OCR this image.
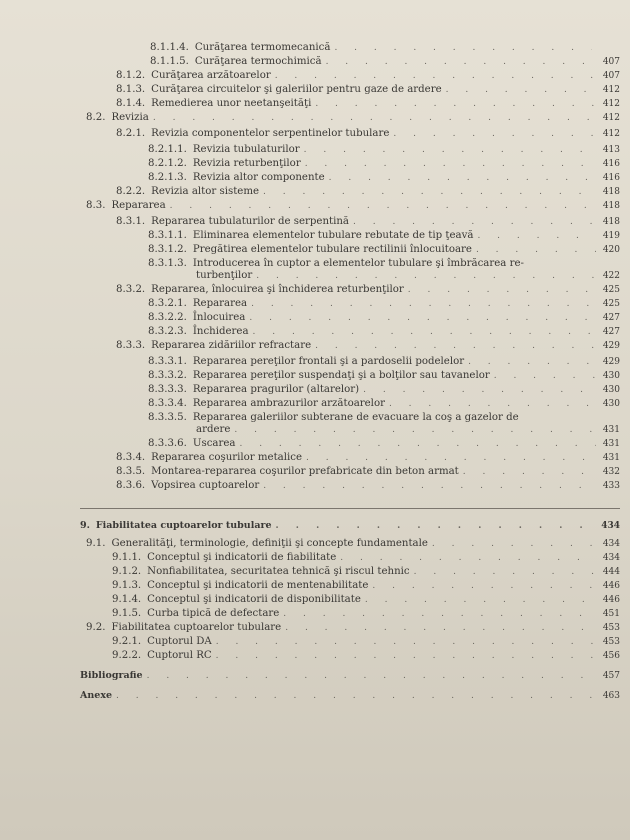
8.1.1.4. Curăţarea termomecanică
. . .
8.1.1.5. Curăţarea termochimică . . .	407
8.1.2. Curăţarea arzătoarelor . . .	407
8.1.3. Curăţarea circuitelor şi galeriilor pentru gaze de ardere . . .	412
8.1.4. Remedierea unor neetanşeităţi . . .	412
8.2. Revizia . . .	412
8.2.1. Revizia componentelor serpentinelor tubulare . . .	412
8.2.1.1. Revizia tubulaturilor . . .	413
8.2.1.2. Revizia returbenţilor . . .	416
8.2.1.3. Revizia altor componente . . .	416
8.2.2. Revizia altor sisteme . . .	418
8.3. Repararea . . .	418
8.3.1. Repararea tubulaturilor de serpentină . . .	418
8.3.1.1. Eliminarea elementelor tubulare rebutate de tip ţeavă . . .	419
8.3.1.2. Pregătirea elementelor tubulare rectilinii înlocuitoare . . .	420
8.3.1.3. Introducerea în cuptor a elementelor tubulare şi îmbrăcarea re-
turbenţilor . . .	422
8.3.2. Repararea, înlocuirea şi închiderea returbenţilor . . .	425
8.3.2.1. Repararea . . .	425
8.3.2.2. Înlocuirea . . .	427
8.3.2.3. Închiderea . . .	427
8.3.3. Repararea zidăriilor refractare . . .	429
8.3.3.1. Repararea pereţilor frontali şi a pardoselii podelelor . . .	429
8.3.3.2. Repararea pereţilor suspendaţi şi a bolţilor sau tavanelor . . .	430
8.3.3.3. Repararea pragurilor (altarelor) . . .	430
8.3.3.4. Repararea ambrazurilor arzătoarelor . . .	430
8.3.3.5. Repararea galeriilor subterane de evacuare la coş a gazelor de
ardere . . .	431
8.3.3.6. Uscarea . . .	431
8.3.4. Repararea coşurilor metalice . . .	431
8.3.5. Montarea-repararea coşurilor prefabricate din beton armat . . .	432
8.3.6. Vopsirea cuptoarelor . . .	433
9. Fiabilitatea cuptoarelor tubulare . . .	434
9.1. Generalităţi, terminologie, definiţii şi concepte fundamentale . . .	434
9.1.1. Conceptul şi indicatorii de fiabilitate . . .	434
9.1.2. Nonfiabilitatea, securitatea tehnică şi riscul tehnic . . .	444
9.1.3. Conceptul şi indicatorii de mentenabilitate . . .	446
9.1.4. Conceptul şi indicatorii de disponibilitate . . .	446
9.1.5. Curba tipică de defectare . . .	451
9.2. Fiabilitatea cuptoarelor tubulare . . .	453
9.2.1. Cuptorul DA . . .	453
9.2.2. Cuptorul RC . . .	456
Bibliografie . . .	457
Anexe . . .	463
